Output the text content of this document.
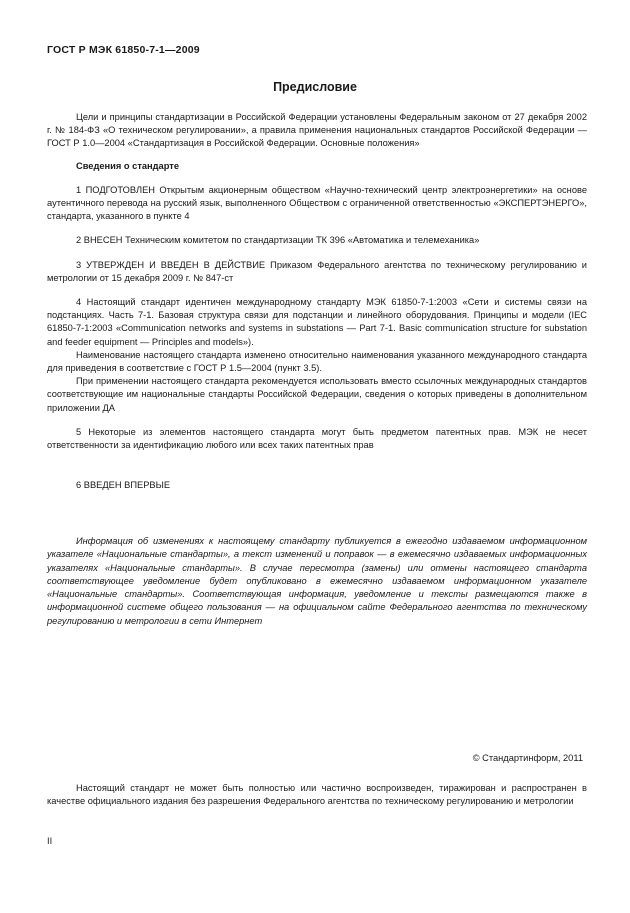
ГОСТ Р МЭК 61850-7-1—2009
Предисловие

Цели и принципы стандартизации в Российской Федерации установлены Федеральным законом от 27 декабря 2002 г. № 184-ФЗ «О техническом регулировании», а правила применения национальных стандартов Российской Федерации — ГОСТ Р 1.0—2004 «Стандартизация в Российской Федерации. Основные положения»

Сведения о стандарте

1 ПОДГОТОВЛЕН Открытым акционерным обществом «Научно-технический центр электроэнергетики» на основе аутентичного перевода на русский язык, выполненного Обществом с ограниченной ответственностью «ЭКСПЕРТЭНЕРГО», стандарта, указанного в пункте 4

2 ВНЕСЕН Техническим комитетом по стандартизации ТК 396 «Автоматика и телемеханика»

3 УТВЕРЖДЕН И ВВЕДЕН В ДЕЙСТВИЕ Приказом Федерального агентства по техническому регулированию и метрологии от 15 декабря 2009 г. № 847-ст

4 Настоящий стандарт идентичен международному стандарту МЭК 61850-7-1:2003 «Сети и системы связи на подстанциях. Часть 7-1. Базовая структура связи для подстанции и линейного оборудования. Принципы и модели (IEC 61850-7-1:2003 «Communication networks and systems in substations — Part 7-1. Basic communication structure for substation and feeder equipment — Principles and models»).

Наименование настоящего стандарта изменено относительно наименования указанного международного стандарта для приведения в соответствие с ГОСТ Р 1.5—2004 (пункт 3.5).

При применении настоящего стандарта рекомендуется использовать вместо ссылочных международных стандартов соответствующие им национальные стандарты Российской Федерации, сведения о которых приведены в дополнительном приложении ДА

5 Некоторые из элементов настоящего стандарта могут быть предметом патентных прав. МЭК не несет ответственности за идентификацию любого или всех таких патентных прав

6 ВВЕДЕН ВПЕРВЫЕ

Информация об изменениях к настоящему стандарту публикуется в ежегодно издаваемом информационном указателе «Национальные стандарты», а текст изменений и поправок — в ежемесячно издаваемых информационных указателях «Национальные стандарты». В случае пересмотра (замены) или отмены настоящего стандарта соответствующее уведомление будет опубликовано в ежемесячно издаваемом информационном указателе «Национальные стандарты». Соответствующая информация, уведомление и тексты размещаются также в информационной системе общего пользования — на официальном сайте Федерального агентства по техническому регулированию и метрологии в сети Интернет

© Стандартинформ, 2011

Настоящий стандарт не может быть полностью или частично воспроизведен, тиражирован и распространен в качестве официального издания без разрешения Федерального агентства по техническому регулированию и метрологии

II
